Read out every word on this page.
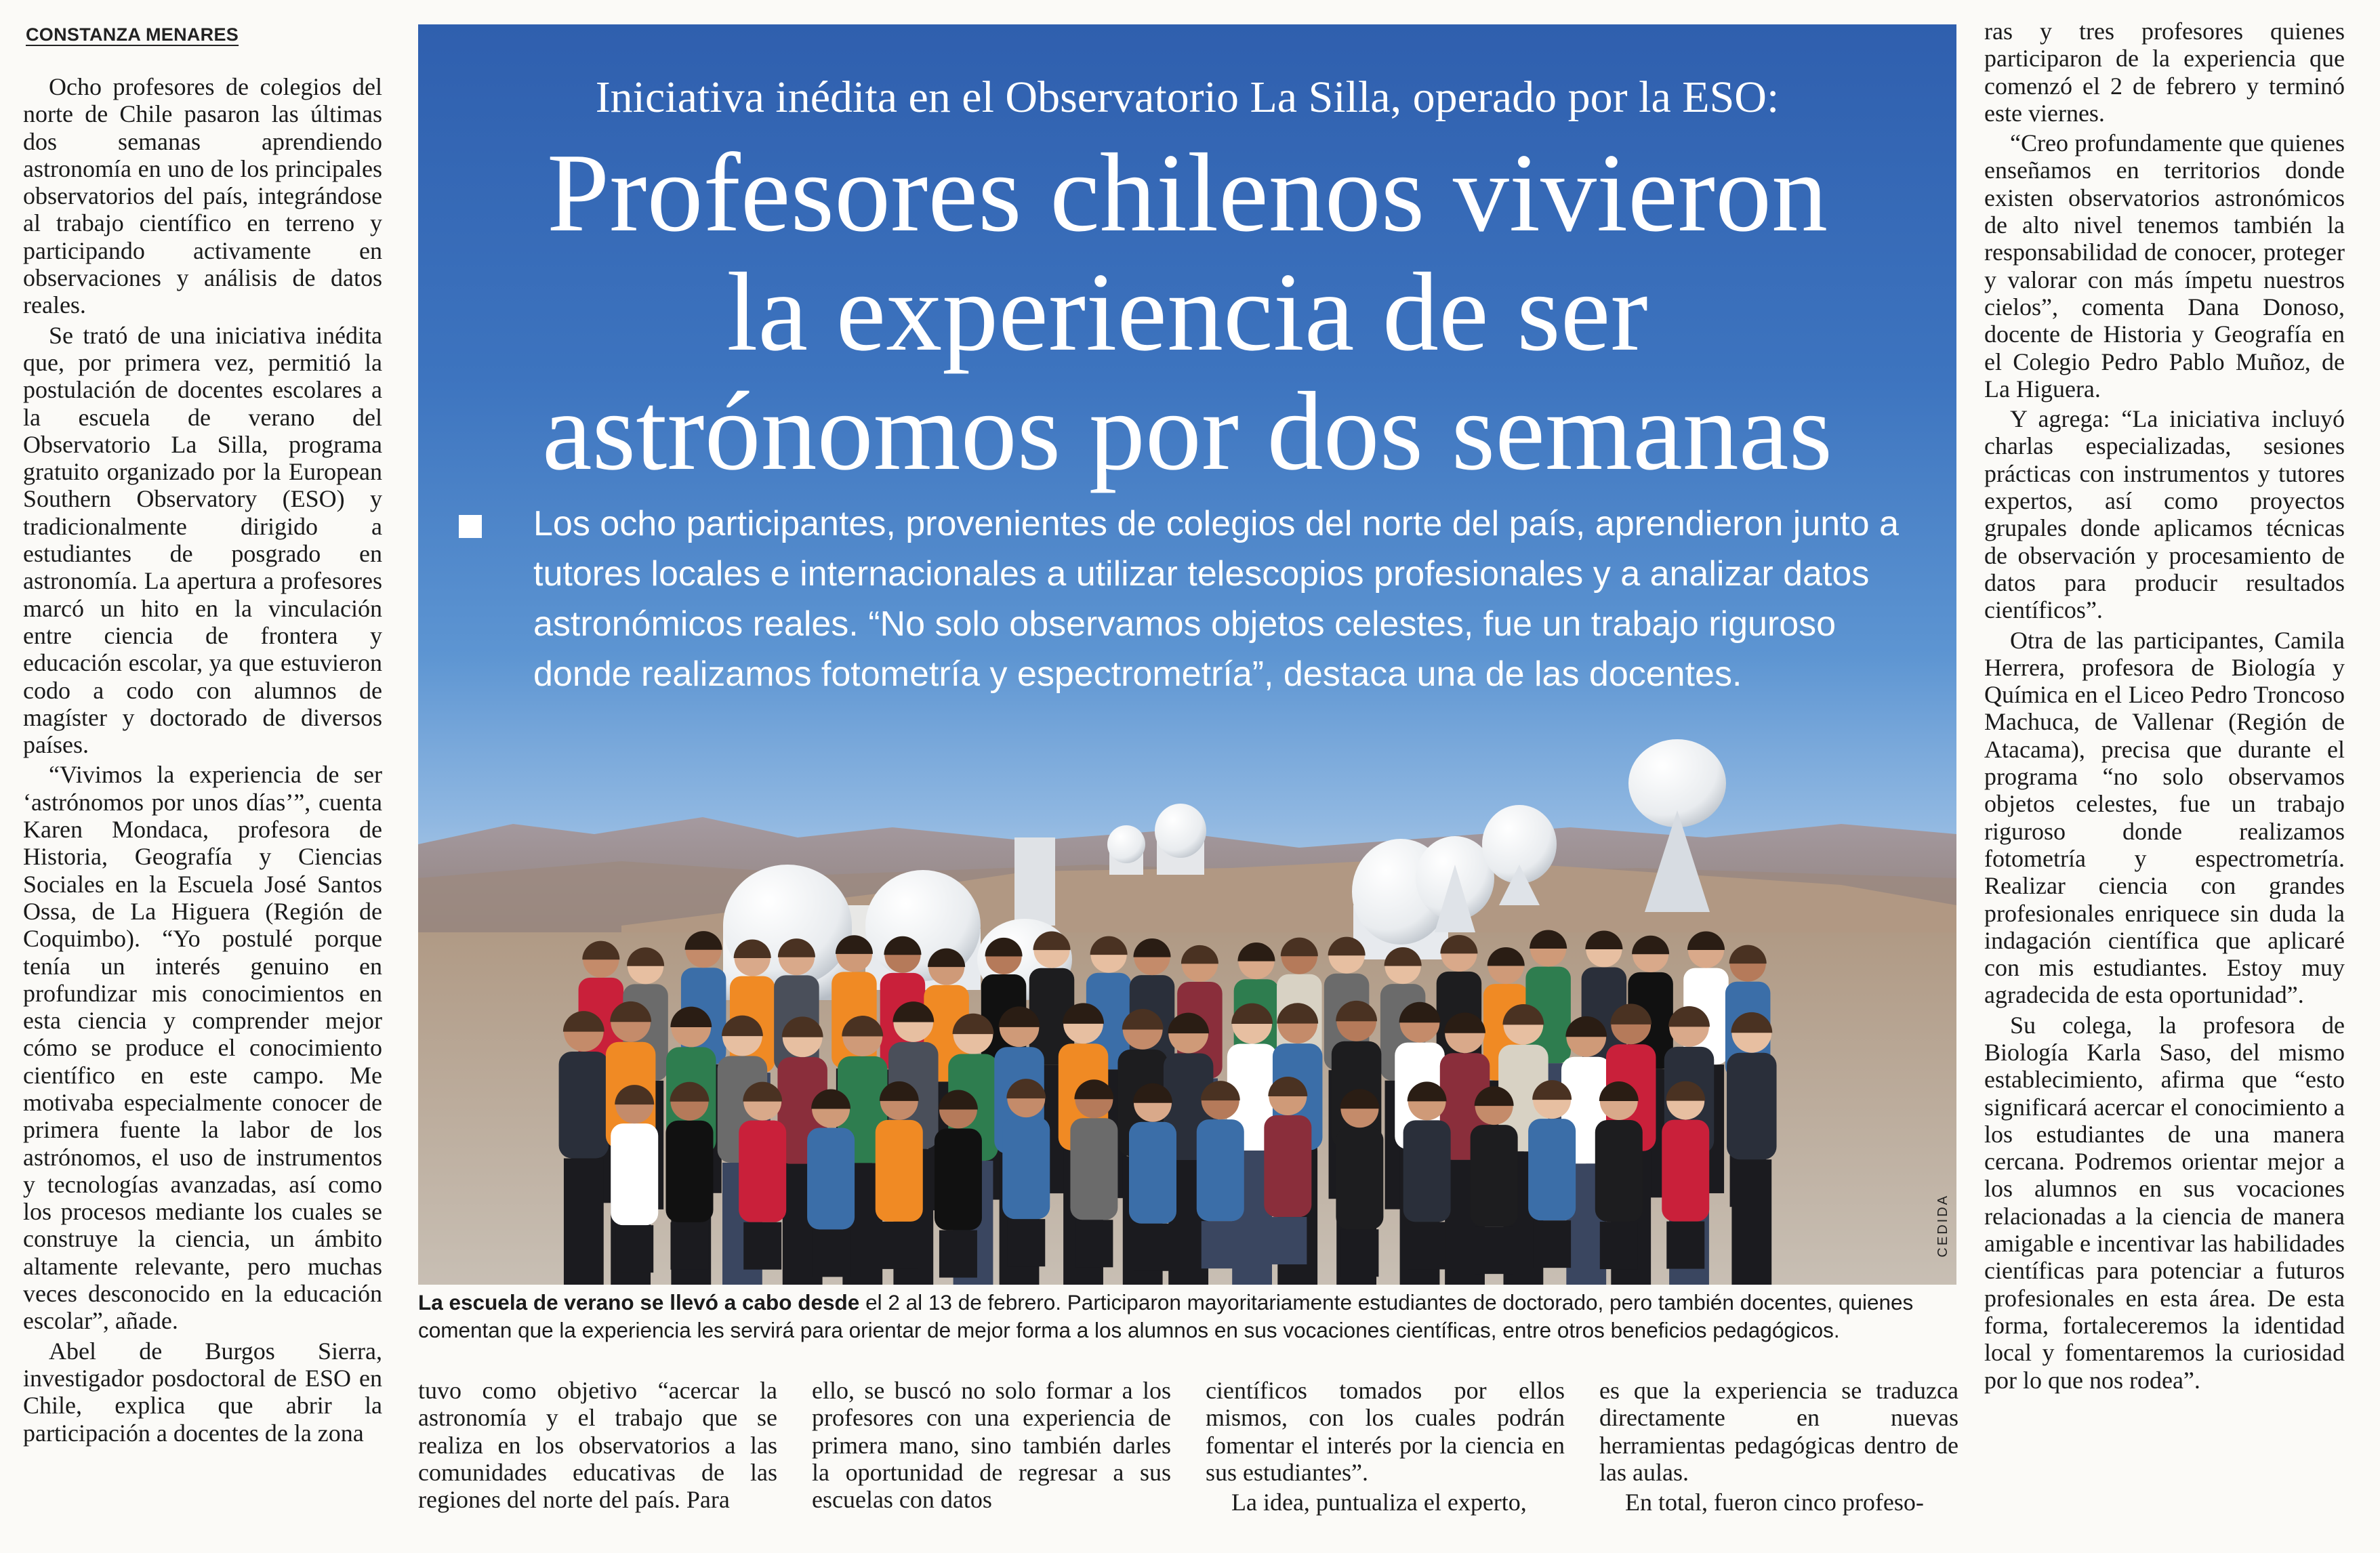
CONSTANZA MENARES

Ocho profesores de colegios del norte de Chile pasaron las últimas dos semanas aprendiendo astronomía en uno de los principales observatorios del país, integrándose al trabajo científico en terreno y participando activamente en observaciones y análisis de datos reales.

Se trató de una iniciativa inédita que, por primera vez, permitió la postulación de docentes escolares a la escuela de verano del Observatorio La Silla, programa gratuito organizado por la European Southern Observatory (ESO) y tradicionalmente dirigido a estudiantes de posgrado en astronomía. La apertura a profesores marcó un hito en la vinculación entre ciencia de frontera y educación escolar, ya que estuvieron codo a codo con alumnos de magíster y doctorado de diversos países.

“Vivimos la experiencia de ser ‘astrónomos por unos días’”, cuenta Karen Mondaca, profesora de Historia, Geografía y Ciencias Sociales en la Escuela José Santos Ossa, de La Higuera (Región de Coquimbo). “Yo postulé porque tenía un interés genuino en profundizar mis conocimientos en esta ciencia y comprender mejor cómo se produce el conocimiento científico en este campo. Me motivaba especialmente conocer de primera fuente la labor de los astrónomos, el uso de instrumentos y tecnologías avanzadas, así como los procesos mediante los cuales se construye la ciencia, un ámbito altamente relevante, pero muchas veces desconocido en la educación escolar”, añade.

Abel de Burgos Sierra, investigador posdoctoral de ESO en Chile, explica que abrir la participación a docentes de la zona

Iniciativa inédita en el Observatorio La Silla, operado por la ESO:
Profesores chilenos vivieron
la experiencia de ser
astrónomos por dos semanas
Los ocho participantes, provenientes de colegios del norte del país, aprendieron junto a tutores locales e internacionales a utilizar telescopios profesionales y a analizar datos astronómicos reales. “No solo observamos objetos celestes, fue un trabajo riguroso donde realizamos fotometría y espectrometría”, destaca una de las docentes.
CEDIDA
La escuela de verano se llevó a cabo desde el 2 al 13 de febrero. Participaron mayoritariamente estudiantes de doctorado, pero también docentes, quienes comentan que la experiencia les servirá para orientar de mejor forma a los alumnos en sus vocaciones científicas, entre otros beneficios pedagógicos.

tuvo como objetivo “acercar la astronomía y el trabajo que se realiza en los observatorios a las comunidades educativas de las regiones del norte del país. Para

ello, se buscó no solo formar a los profesores con una experiencia de primera mano, sino también darles la oportunidad de regresar a sus escuelas con datos

científicos tomados por ellos mismos, con los cuales podrán fomentar el interés por la ciencia en sus estudiantes”.

La idea, puntualiza el experto,

es que la experiencia se traduzca directamente en nuevas herramientas pedagógicas dentro de las aulas.

En total, fueron cinco profeso-

ras y tres profesores quienes participaron de la experiencia que comenzó el 2 de febrero y terminó este viernes.

“Creo profundamente que quienes enseñamos en territorios donde existen observatorios astronómicos de alto nivel tenemos también la responsabilidad de conocer, proteger y valorar con más ímpetu nuestros cielos”, comenta Dana Donoso, docente de Historia y Geografía en el Colegio Pedro Pablo Muñoz, de La Higuera.

Y agrega: “La iniciativa incluyó charlas especializadas, sesiones prácticas con instrumentos y tutores expertos, así como proyectos grupales donde aplicamos técnicas de observación y procesamiento de datos para producir resultados científicos”.

Otra de las participantes, Camila Herrera, profesora de Biología y Química en el Liceo Pedro Troncoso Machuca, de Vallenar (Región de Atacama), precisa que durante el programa “no solo observamos objetos celestes, fue un trabajo riguroso donde realizamos fotometría y espectrometría. Realizar ciencia con grandes profesionales enriquece sin duda la indagación científica que aplicaré con mis estudiantes. Estoy muy agradecida de esta oportunidad”.

Su colega, la profesora de Biología Karla Saso, del mismo establecimiento, afirma que “esto significará acercar el conocimiento a los estudiantes de una manera cercana. Podremos orientar mejor a los alumnos en sus vocaciones relacionadas a la ciencia de manera amigable e incentivar las habilidades científicas para potenciar a futuros profesionales en esta área. De esta forma, fortaleceremos la identidad local y fomentaremos la curiosidad por lo que nos rodea”.
